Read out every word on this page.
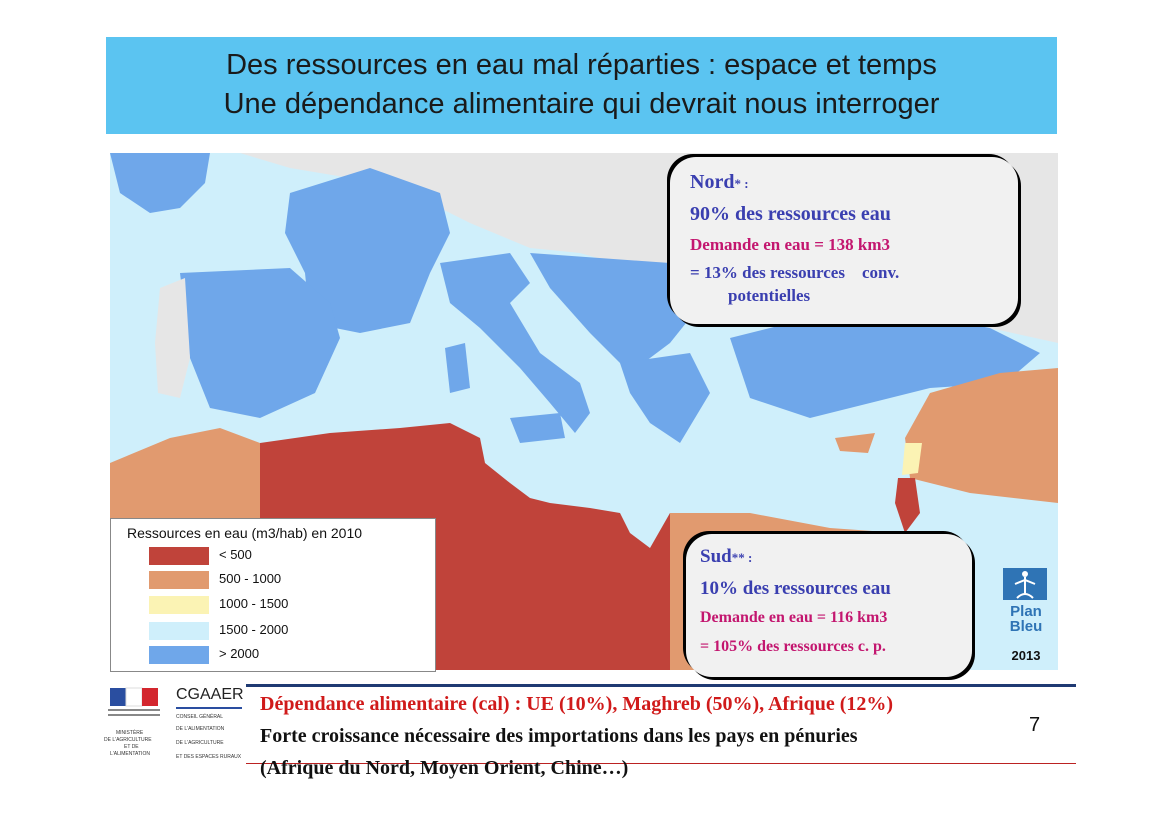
Des ressources en eau mal réparties : espace et temps
Une dépendance alimentaire qui devrait nous interroger
Ressources en eau (m3/hab) en 2010
< 500
500 - 1000
1000 - 1500
1500 - 2000
> 2000
Nord* :
90% des ressources eau
Demande en eau = 138 km3
= 13% des ressources    conv.
potentielles
Sud** :
10% des ressources eau
Demande en eau = 116 km3
= 105% des ressources c. p.
Plan
Bleu
2013
MINISTÈRE
DE L'AGRICULTURE
ET DE
L'ALIMENTATION
CGAAER
CONSEIL GÉNÉRAL
DE L'ALIMENTATION
DE L'AGRICULTURE
ET DES ESPACES RURAUX
Dépendance alimentaire (cal) : UE (10%), Maghreb (50%), Afrique (12%)
Forte croissance nécessaire des importations dans les pays en pénuries
(Afrique du Nord, Moyen Orient, Chine…)
7
